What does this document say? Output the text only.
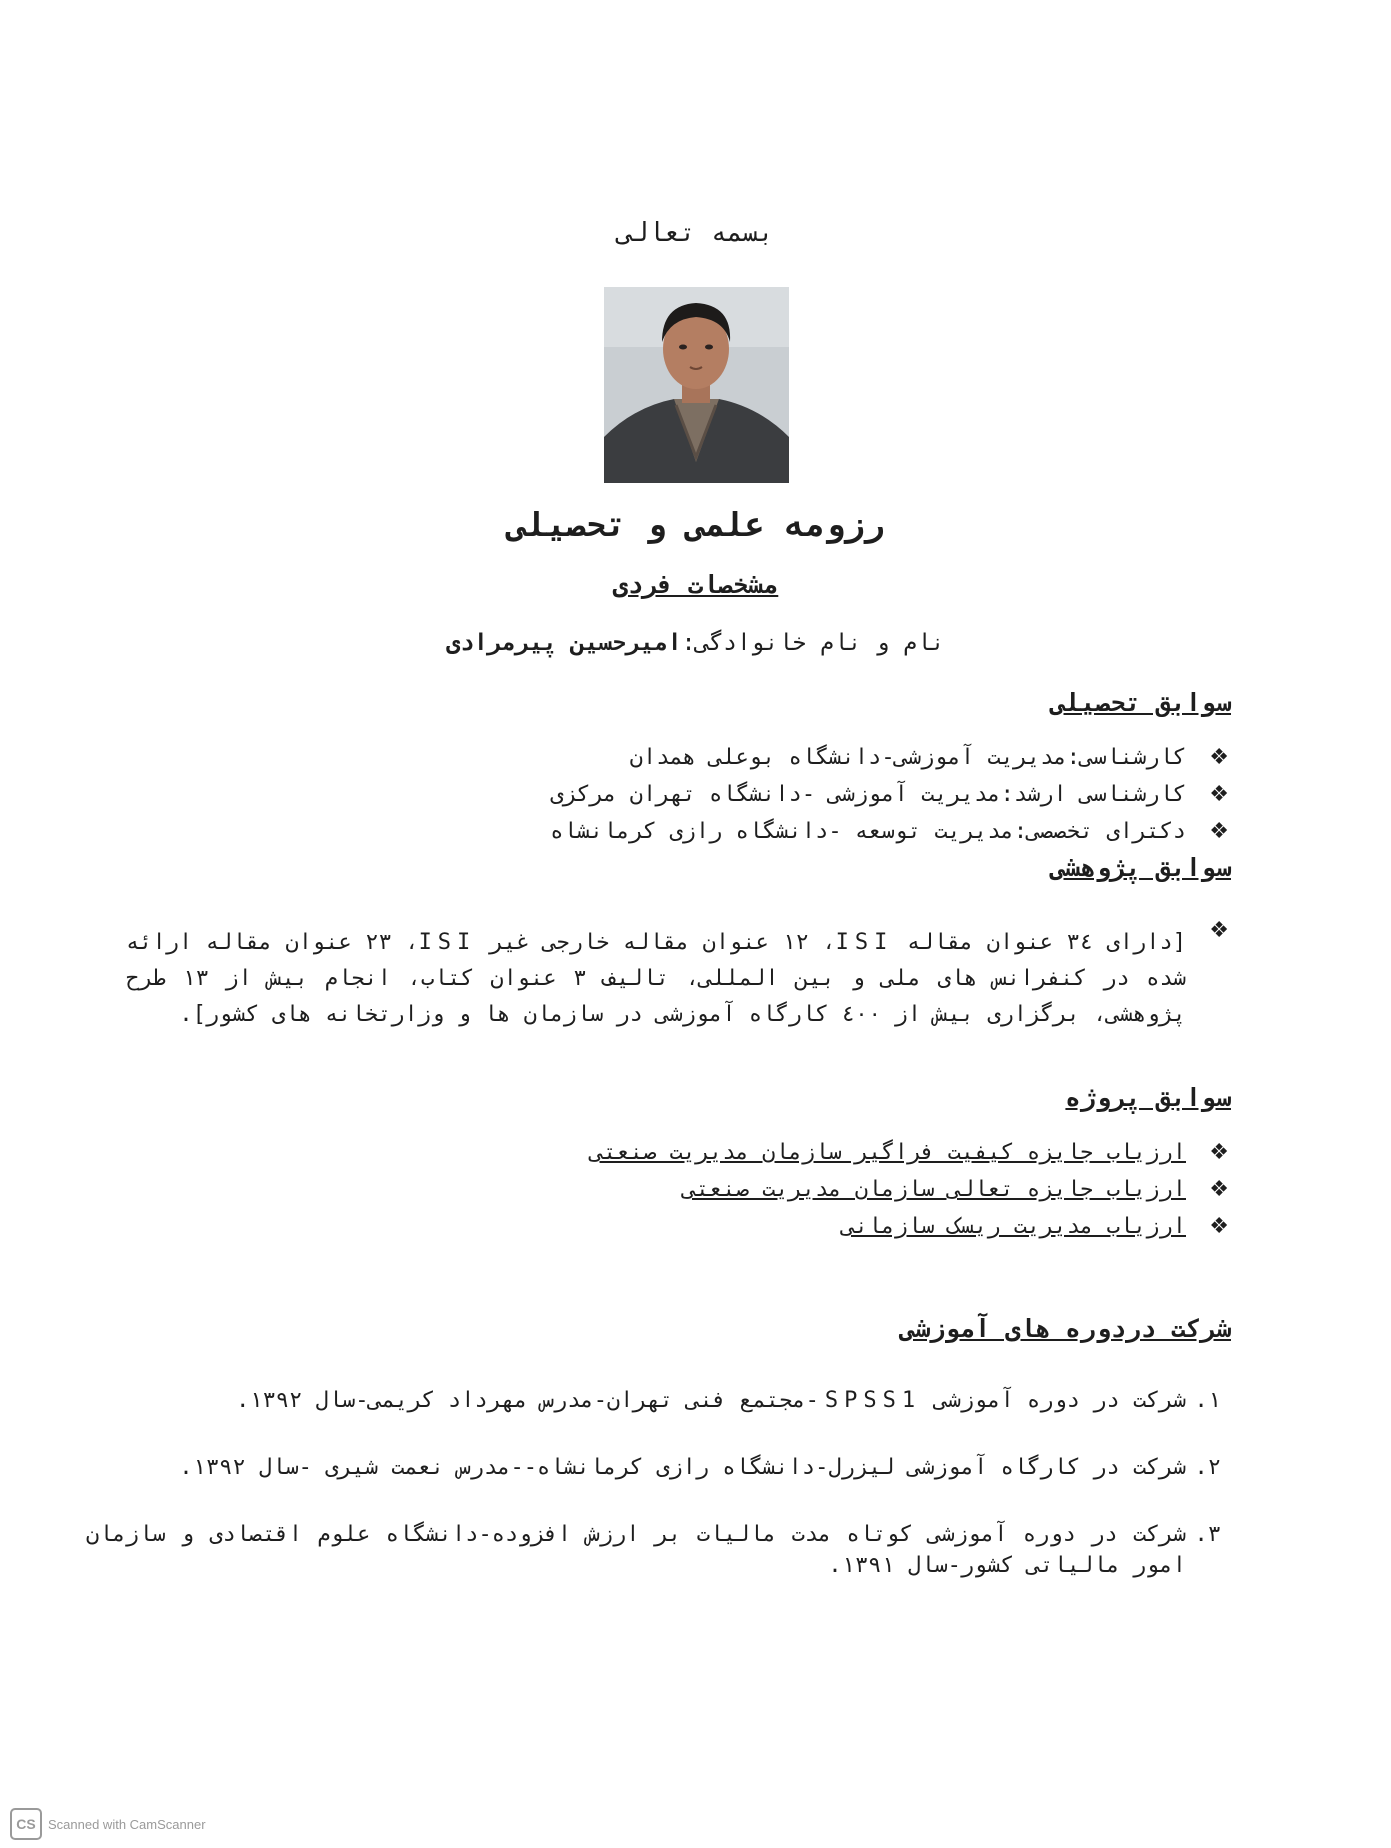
بسمه تعالی
رزومه علمی و تحصیلی
مشخصات فردی
نام و نام خانوادگی:امیرحسین پیرمرادی
سوابق تحصیلی
❖
کارشناسی:مدیریت آموزشی-دانشگاه بوعلی همدان
❖
کارشناسی ارشد:مدیریت آموزشی -دانشگاه تهران مرکزی
❖
دکترای تخصصی:مدیریت توسعه -دانشگاه رازی کرمانشاه
سوابق پژوهشی
❖
[دارای ٣٤ عنوان مقاله ISI، ١٢ عنوان مقاله خارجی غیر ISI، ٢٣ عنوان مقاله ارائه شده در کنفرانس های ملی و بین المللی، تالیف ٣ عنوان کتاب، انجام بیش از ١٣ طرح پژوهشی، برگزاری بیش از ٤٠٠ کارگاه آموزشی در سازمان ها و وزارتخانه های کشور].
سوابق پروژه
❖
ارزیاب جایزه کیفیت فراگیر سازمان مدیریت صنعتی
❖
ارزیاب جایزه تعالی سازمان مدیریت صنعتی
❖
ارزیاب مدیریت ریسک سازمانی
شرکت دردوره های آموزشی
١.
شرکت در دوره آموزشی SPSS1-مجتمع فنی تهران-مدرس مهرداد کریمی-سال ١٣٩٢.
٢.
شرکت در کارگاه آموزشی لیزرل-دانشگاه رازی کرمانشاه--مدرس نعمت شیری -سال ١٣٩٢.
٣.
شرکت در دوره آموزشی کوتاه مدت مالیات بر ارزش افزوده-دانشگاه علوم اقتصادی و سازمان امور مالیاتی کشور-سال ١٣٩١.
CS Scanned with CamScanner
